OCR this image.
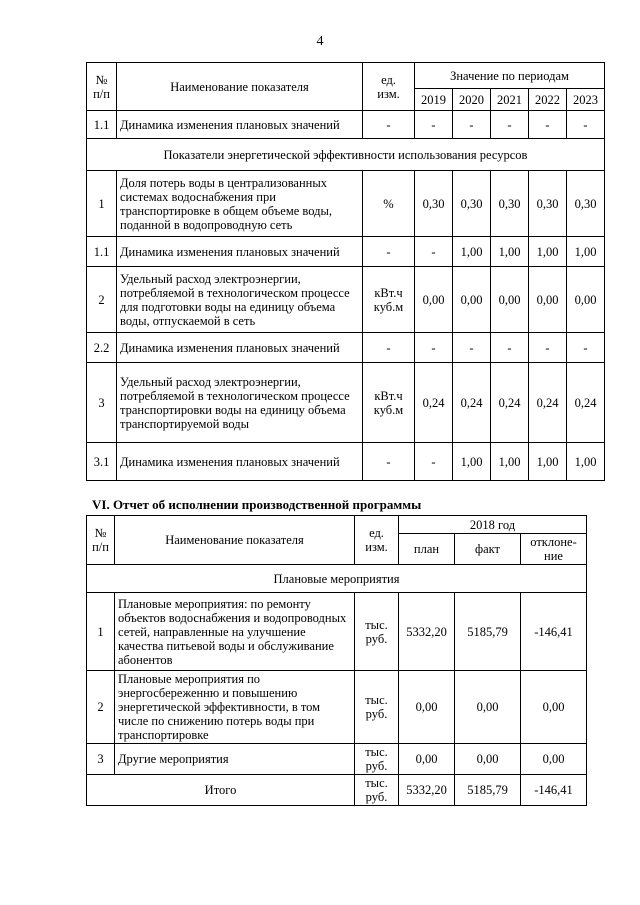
4
№
п/п	Наименование показателя	ед.
изм.	Значение по периодам				
			2019	2020	2021	2022	2023
1.1	Динамика изменения плановых значений	-	-	-	-	-	-
Показатели энергетической эффективности использования ресурсов							
1	Доля потерь воды в централизованных системах водоснабжения при транспортировке в общем объеме воды, поданной в водопроводную сеть	%	0,30	0,30	0,30	0,30	0,30
1.1	Динамика изменения плановых значений	-	-	1,00	1,00	1,00	1,00
2	Удельный расход электроэнергии, потребляемой в технологическом процессе для подготовки воды на единицу объема воды, отпускаемой в сеть	кВт.ч
куб.м	0,00	0,00	0,00	0,00	0,00
2.2	Динамика изменения плановых значений	-	-	-	-	-	-
3	Удельный расход электроэнергии, потребляемой в технологическом процессе транспортировки воды на единицу объема транспортируемой воды	кВт.ч
куб.м	0,24	0,24	0,24	0,24	0,24
3.1	Динамика изменения плановых значений	-	-	1,00	1,00	1,00	1,00
VI. Отчет об исполнении производственной программы
№
п/п	Наименование показателя	ед.
изм.	2018 год		
			план	факт	отклоне-
ние
Плановые мероприятия					
1	Плановые мероприятия: по ремонту объектов водоснабжения и водопроводных сетей, направленные на улучшение качества питьевой воды и обслуживание абонентов	тыс.
руб.	5332,20	5185,79	-146,41
2	Плановые мероприятия по энергосбереженню и повышению энергетической эффективности, в том числе по снижению потерь воды при транспортировке	тыс.
руб.	0,00	0,00	0,00
3	Другие мероприятия	тыс.
руб.	0,00	0,00	0,00
Итого		тыс.
руб.	5332,20	5185,79	-146,41
